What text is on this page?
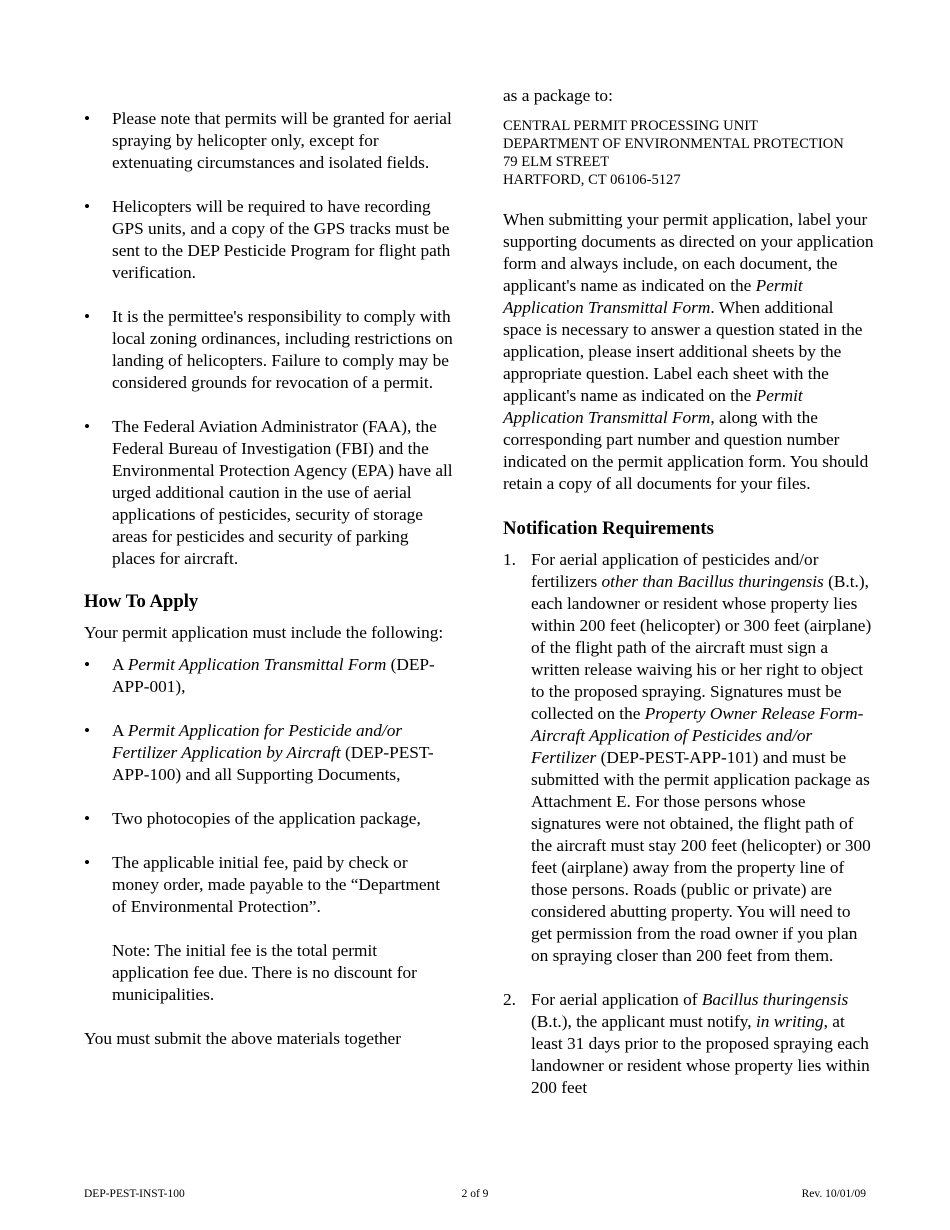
• Please note that permits will be granted for aerial spraying by helicopter only, except for extenuating circumstances and isolated fields.
• Helicopters will be required to have recording GPS units, and a copy of the GPS tracks must be sent to the DEP Pesticide Program for flight path verification.
• It is the permittee's responsibility to comply with local zoning ordinances, including restrictions on landing of helicopters. Failure to comply may be considered grounds for revocation of a permit.
• The Federal Aviation Administrator (FAA), the Federal Bureau of Investigation (FBI) and the Environmental Protection Agency (EPA) have all urged additional caution in the use of aerial applications of pesticides, security of storage areas for pesticides and security of parking places for aircraft.
How To Apply

Your permit application must include the following:

• A Permit Application Transmittal Form (DEP-APP-001),
• A Permit Application for Pesticide and/or Fertilizer Application by Aircraft (DEP-PEST-APP-100) and all Supporting Documents,
• Two photocopies of the application package,
• The applicable initial fee, paid by check or money order, made payable to the “Department of Environmental Protection”.

Note: The initial fee is the total permit application fee due. There is no discount for municipalities.

You must submit the above materials together

as a package to:

CENTRAL PERMIT PROCESSING UNIT
DEPARTMENT OF ENVIRONMENTAL PROTECTION
79 ELM STREET
HARTFORD, CT 06106-5127

When submitting your permit application, label your supporting documents as directed on your application form and always include, on each document, the applicant's name as indicated on the Permit Application Transmittal Form. When additional space is necessary to answer a question stated in the application, please insert additional sheets by the appropriate question. Label each sheet with the applicant's name as indicated on the Permit Application Transmittal Form, along with the corresponding part number and question number indicated on the permit application form. You should retain a copy of all documents for your files.

Notification Requirements
1. For aerial application of pesticides and/or fertilizers other than Bacillus thuringensis (B.t.), each landowner or resident whose property lies within 200 feet (helicopter) or 300 feet (airplane) of the flight path of the aircraft must sign a written release waiving his or her right to object to the proposed spraying. Signatures must be collected on the Property Owner Release Form-Aircraft Application of Pesticides and/or Fertilizer (DEP-PEST-APP-101) and must be submitted with the permit application package as Attachment E. For those persons whose signatures were not obtained, the flight path of the aircraft must stay 200 feet (helicopter) or 300 feet (airplane) away from the property line of those persons. Roads (public or private) are considered abutting property. You will need to get permission from the road owner if you plan on spraying closer than 200 feet from them.
2. For aerial application of Bacillus thuringensis (B.t.), the applicant must notify, in writing, at least 31 days prior to the proposed spraying each landowner or resident whose property lies within 200 feet
DEP-PEST-INST-100	2 of 9	Rev. 10/01/09
